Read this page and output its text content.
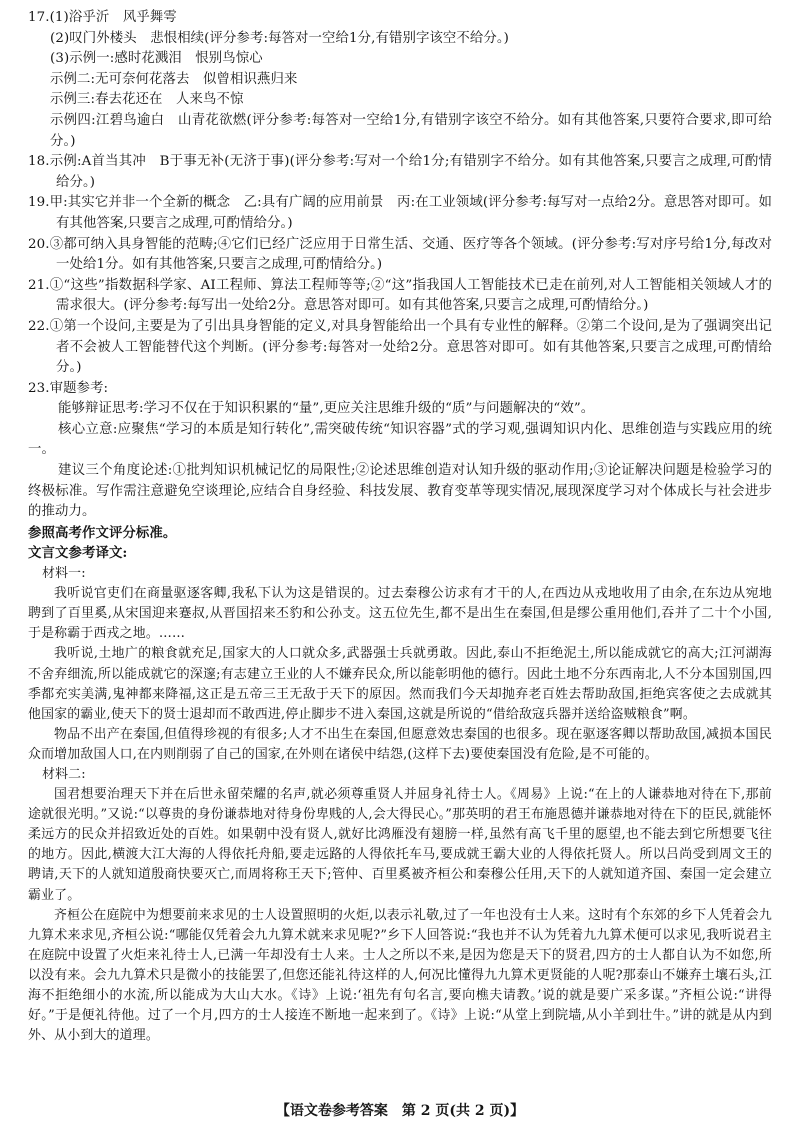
17.(1)浴乎沂　风乎舞雩

(2)叹门外楼头　悲恨相续(评分参考:每答对一空给1分,有错别字该空不给分。)

(3)示例一:感时花溅泪　恨别鸟惊心

示例二:无可奈何花落去　似曾相识燕归来

示例三:春去花还在　人来鸟不惊

示例四:江碧鸟逾白　山青花欲燃(评分参考:每答对一空给1分,有错别字该空不给分。如有其他答案,只要符合要求,即可给分。)

18.示例:A首当其冲　B于事无补(无济于事)(评分参考:写对一个给1分;有错别字不给分。如有其他答案,只要言之成理,可酌情给分。)

19.甲:其实它并非一个全新的概念　乙:具有广阔的应用前景　丙:在工业领域(评分参考:每写对一点给2分。意思答对即可。如有其他答案,只要言之成理,可酌情给分。)

20.③都可纳入具身智能的范畴;④它们已经广泛应用于日常生活、交通、医疗等各个领域。(评分参考:写对序号给1分,每改对一处给1分。如有其他答案,只要言之成理,可酌情给分。)

21.①“这些”指数据科学家、AI工程师、算法工程师等等;②“这”指我国人工智能技术已走在前列,对人工智能相关领域人才的需求很大。(评分参考:每写出一处给2分。意思答对即可。如有其他答案,只要言之成理,可酌情给分。)

22.①第一个设问,主要是为了引出具身智能的定义,对具身智能给出一个具有专业性的解释。②第二个设问,是为了强调突出记者不会被人工智能替代这个判断。(评分参考:每答对一处给2分。意思答对即可。如有其他答案,只要言之成理,可酌情给分。)

23.审题参考:

能够辩证思考:学习不仅在于知识积累的“量”,更应关注思维升级的“质”与问题解决的“效”。

核心立意:应聚焦“学习的本质是知行转化”,需突破传统“知识容器”式的学习观,强调知识内化、思维创造与实践应用的统一。

建议三个角度论述:①批判知识机械记忆的局限性;②论述思维创造对认知升级的驱动作用;③论证解决问题是检验学习的终极标准。写作需注意避免空谈理论,应结合自身经验、科技发展、教育变革等现实情况,展现深度学习对个体成长与社会进步的推动力。

参照高考作文评分标准。

文言文参考译文:

材料一:

我听说官吏们在商量驱逐客卿,我私下认为这是错误的。过去秦穆公访求有才干的人,在西边从戎地收用了由余,在东边从宛地聘到了百里奚,从宋国迎来蹇叔,从晋国招来丕豹和公孙支。这五位先生,都不是出生在秦国,但是缪公重用他们,吞并了二十个小国,于是称霸于西戎之地。……

我听说,土地广的粮食就充足,国家大的人口就众多,武器强士兵就勇敢。因此,泰山不拒绝泥土,所以能成就它的高大;江河湖海不舍弃细流,所以能成就它的深邃;有志建立王业的人不嫌弃民众,所以能彰明他的德行。因此土地不分东西南北,人不分本国别国,四季都充实美满,鬼神都来降福,这正是五帝三王无敌于天下的原因。然而我们今天却抛弃老百姓去帮助敌国,拒绝宾客使之去成就其他国家的霸业,使天下的贤士退却而不敢西进,停止脚步不进入秦国,这就是所说的“借给敌寇兵器并送给盗贼粮食”啊。

物品不出产在秦国,但值得珍视的有很多;人才不出生在秦国,但愿意效忠秦国的也很多。现在驱逐客卿以帮助敌国,减损本国民众而增加敌国人口,在内则削弱了自己的国家,在外则在诸侯中结怨,(这样下去)要使秦国没有危险,是不可能的。

材料二:

国君想要治理天下并在后世永留荣耀的名声,就必须尊重贤人并屈身礼待士人。《周易》上说:“在上的人谦恭地对待在下,那前途就很光明。”又说:“以尊贵的身份谦恭地对待身份卑贱的人,会大得民心。”那英明的君王布施恩德并谦恭地对待在下的臣民,就能怀柔远方的民众并招致近处的百姓。如果朝中没有贤人,就好比鸿雁没有翅膀一样,虽然有高飞千里的愿望,也不能去到它所想要飞往的地方。因此,横渡大江大海的人得依托舟船,要走远路的人得依托车马,要成就王霸大业的人得依托贤人。所以吕尚受到周文王的聘请,天下的人就知道殷商快要灭亡,而周将称王天下;管仲、百里奚被齐桓公和秦穆公任用,天下的人就知道齐国、秦国一定会建立霸业了。

齐桓公在庭院中为想要前来求见的士人设置照明的火炬,以表示礼敬,过了一年也没有士人来。这时有个东郊的乡下人凭着会九九算术来求见,齐桓公说:“哪能仅凭着会九九算术就来求见呢?”乡下人回答说:“我也并不认为凭着九九算术便可以求见,我听说君主在庭院中设置了火炬来礼待士人,已满一年却没有士人来。士人之所以不来,是因为您是天下的贤君,四方的士人都自认为不如您,所以没有来。会九九算术只是微小的技能罢了,但您还能礼待这样的人,何况比懂得九九算术更贤能的人呢?那泰山不嫌弃土壤石头,江海不拒绝细小的水流,所以能成为大山大水。《诗》上说:‘祖先有句名言,要向樵夫请教。’说的就是要广采多谋。”齐桓公说:“讲得好。”于是便礼待他。过了一个月,四方的士人接连不断地一起来到了。《诗》上说:“从堂上到院墙,从小羊到壮牛。”讲的就是从内到外、从小到大的道理。

【语文卷参考答案　第 2 页(共 2 页)】
